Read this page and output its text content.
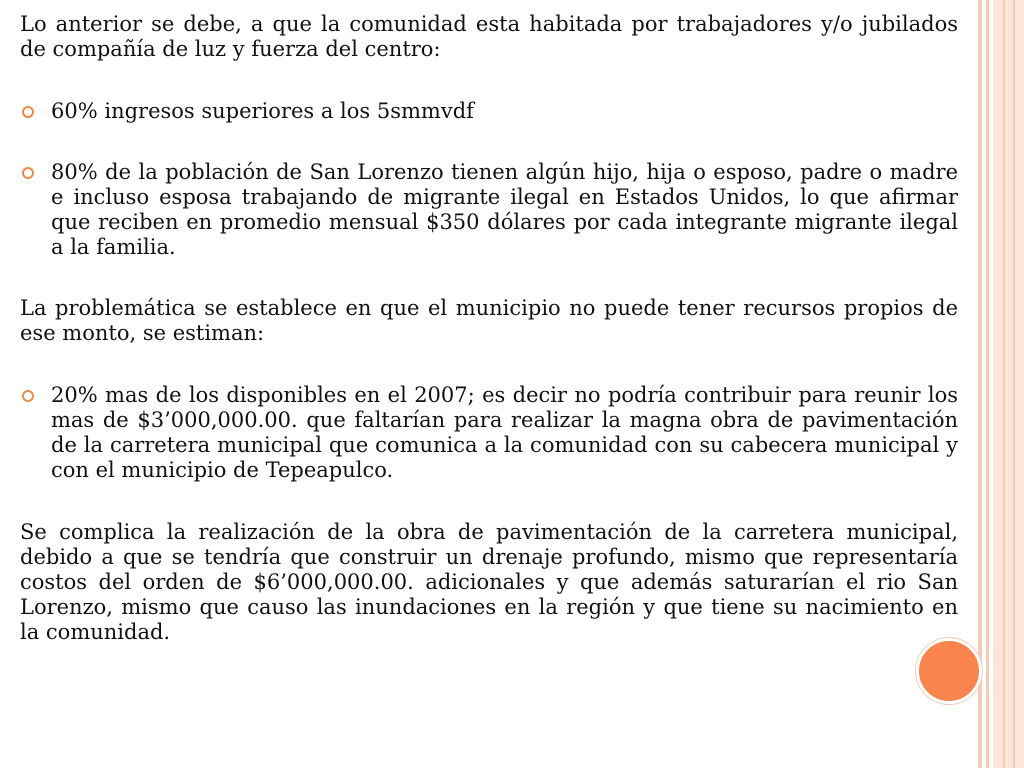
Lo anterior se debe, a que la comunidad esta habitada por trabajadores y/o jubilados de compañía de luz y fuerza del centro:

60% ingresos superiores a los 5smmvdf

80% de la población de San Lorenzo tienen algún hijo, hija o esposo, padre o madre e incluso esposa trabajando de migrante ilegal en Estados Unidos, lo que afirmar que reciben en promedio mensual $350 dólares por cada integrante migrante ilegal a la familia.

La problemática se establece en que el municipio no puede tener recursos propios de ese monto, se estiman:

20% mas de los disponibles en el 2007; es decir no podría contribuir para reunir los mas de $3’000,000.00. que faltarían para realizar la magna obra de pavimentación de la carretera municipal que comunica a la comunidad con su cabecera municipal y con el municipio de Tepeapulco.

Se complica la realización de la obra de pavimentación de la carretera municipal, debido a que se tendría que construir un drenaje profundo, mismo que representaría costos del orden de $6’000,000.00. adicionales y que además saturarían el rio San Lorenzo, mismo que causo las inundaciones en la región y que tiene su nacimiento en la comunidad.
